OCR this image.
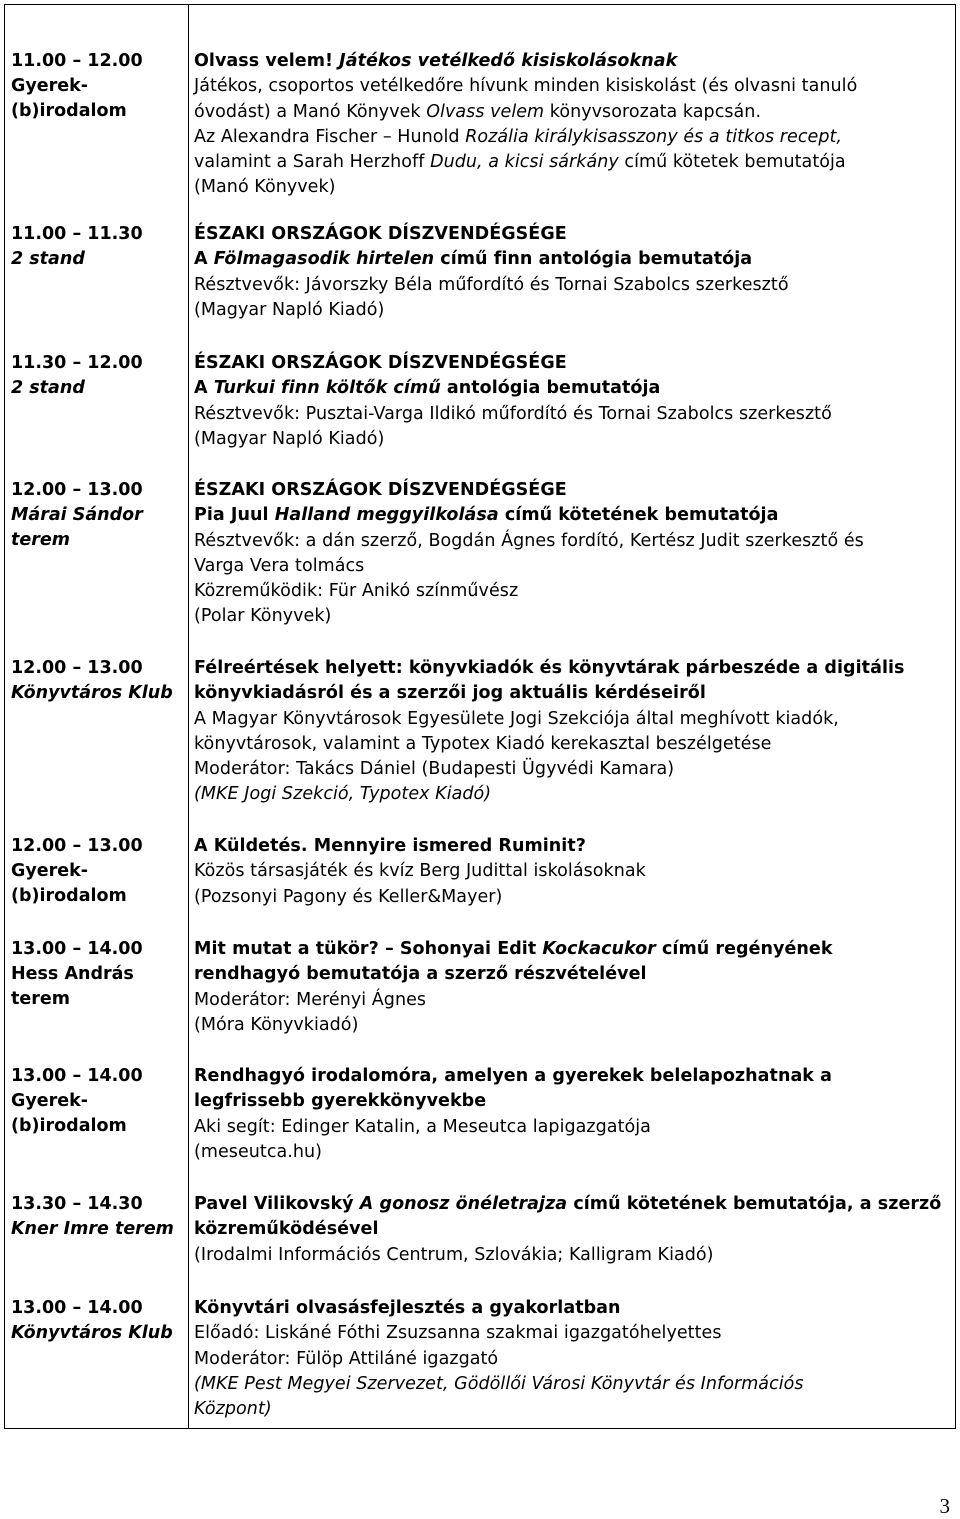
11.00 – 12.00
Gyerek-(b)irodalom
Olvass velem! Játékos vetélkedő kisiskolásoknak
Játékos, csoportos vetélkedőre hívunk minden kisiskolást (és olvasni tanuló
óvodást) a Manó Könyvek Olvass velem könyvsorozata kapcsán.
Az Alexandra Fischer – Hunold Rozália királykisasszony és a titkos recept,
valamint a Sarah Herzhoff Dudu, a kicsi sárkány című kötetek bemutatója
(Manó Könyvek)
11.00 – 11.30
2 stand
ÉSZAKI ORSZÁGOK DÍSZVENDÉGSÉGE
A Fölmagasodik hirtelen című finn antológia bemutatója
Résztvevők: Jávorszky Béla műfordító és Tornai Szabolcs szerkesztő
(Magyar Napló Kiadó)
11.30 – 12.00
2 stand
ÉSZAKI ORSZÁGOK DÍSZVENDÉGSÉGE
A Turkui finn költők című antológia bemutatója
Résztvevők: Pusztai-Varga Ildikó műfordító és Tornai Szabolcs szerkesztő
(Magyar Napló Kiadó)
12.00 – 13.00
Márai Sándor terem
ÉSZAKI ORSZÁGOK DÍSZVENDÉGSÉGE
Pia Juul Halland meggyilkolása című kötetének bemutatója
Résztvevők: a dán szerző, Bogdán Ágnes fordító, Kertész Judit szerkesztő és
Varga Vera tolmács
Közreműködik: Für Anikó színművész
(Polar Könyvek)
12.00 – 13.00
Könyvtáros Klub
Félreértések helyett: könyvkiadók és könyvtárak párbeszéde a digitális
könyvkiadásról és a szerzői jog aktuális kérdéseiről
A Magyar Könyvtárosok Egyesülete Jogi Szekciója által meghívott kiadók,
könyvtárosok, valamint a Typotex Kiadó kerekasztal beszélgetése
Moderátor: Takács Dániel (Budapesti Ügyvédi Kamara)
(MKE Jogi Szekció, Typotex Kiadó)
12.00 – 13.00
Gyerek-(b)irodalom
A Küldetés. Mennyire ismered Ruminit?
Közös társasjáték és kvíz Berg Judittal iskolásoknak
(Pozsonyi Pagony és Keller&Mayer)
13.00 – 14.00
Hess András terem
Mit mutat a tükör? – Sohonyai Edit Kockacukor című regényének
rendhagyó bemutatója a szerző részvételével
Moderátor: Merényi Ágnes
(Móra Könyvkiadó)
13.00 – 14.00
Gyerek-(b)irodalom
Rendhagyó irodalomóra, amelyen a gyerekek belelapozhatnak a
legfrissebb gyerekkönyvekbe
Aki segít: Edinger Katalin, a Meseutca lapigazgatója
(meseutca.hu)
13.30 – 14.30
Kner Imre terem
Pavel Vilikovský A gonosz önéletrajza című kötetének bemutatója, a szerző
közreműködésével
(Irodalmi Információs Centrum, Szlovákia; Kalligram Kiadó)
13.00 – 14.00
Könyvtáros Klub
Könyvtári olvasásfejlesztés a gyakorlatban
Előadó: Liskáné Fóthi Zsuzsanna szakmai igazgatóhelyettes
Moderátor: Fülöp Attiláné igazgató
(MKE Pest Megyei Szervezet, Gödöllői Városi Könyvtár és Információs
Központ)
3
